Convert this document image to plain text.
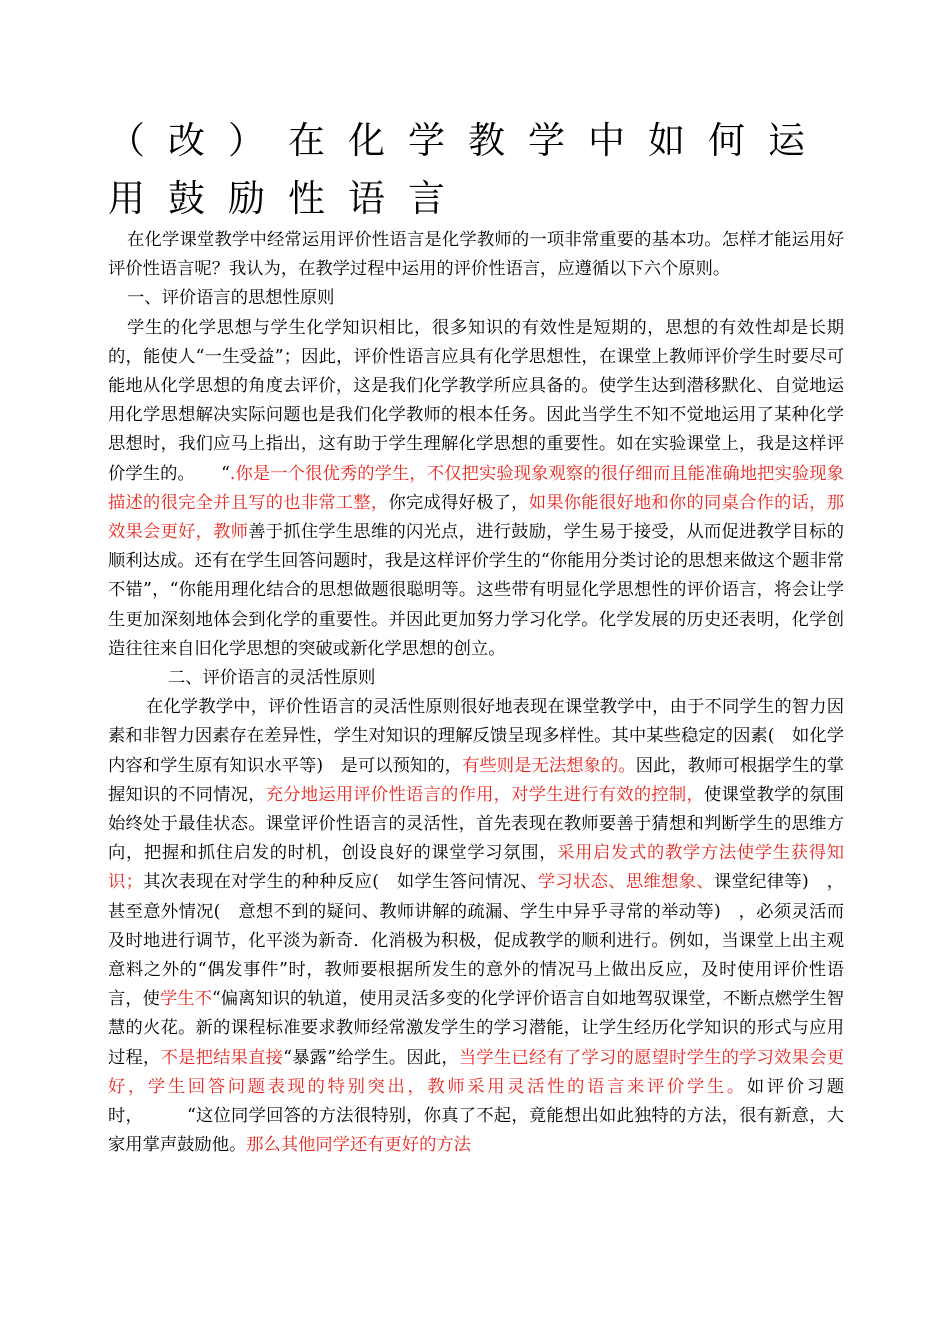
（改）在化学教学中如何运用鼓励性语言

在化学课堂教学中经常运用评价性语言是化学教师的一项非常重要的基本功。怎样才能运用好评价性语言呢？我认为，在教学过程中运用的评价性语言，应遵循以下六个原则。

一、评价语言的思想性原则

学生的化学思想与学生化学知识相比，很多知识的有效性是短期的，思想的有效性却是长期的，能使人“一生受益”；因此，评价性语言应具有化学思想性，在课堂上教师评价学生时要尽可能地从化学思想的角度去评价，这是我们化学教学所应具备的。使学生达到潜移默化、自觉地运用化学思想解决实际问题也是我们化学教师的根本任务。因此当学生不知不觉地运用了某种化学思想时，我们应马上指出，这有助于学生理解化学思想的重要性。如在实验课堂上，我是这样评价学生的。　　“.你是一个很优秀的学生，不仅把实验现象观察的很仔细而且能准确地把实验现象描述的很完全并且写的也非常工整，你完成得好极了，如果你能很好地和你的同桌合作的话，那效果会更好，教师善于抓住学生思维的闪光点，进行鼓励，学生易于接受，从而促进教学目标的顺利达成。还有在学生回答问题时，我是这样评价学生的“你能用分类讨论的思想来做这个题非常不错”，“你能用理化结合的思想做题很聪明等。这些带有明显化学思想性的评价语言，将会让学生更加深刻地体会到化学的重要性。并因此更加努力学习化学。化学发展的历史还表明，化学创造往往来自旧化学思想的突破或新化学思想的创立。

二、评价语言的灵活性原则

在化学教学中，评价性语言的灵活性原则很好地表现在课堂教学中，由于不同学生的智力因素和非智力因素存在差异性，学生对知识的理解反馈呈现多样性。其中某些稳定的因素(　如化学内容和学生原有知识水平等)　是可以预知的，有些则是无法想象的。因此，教师可根据学生的掌握知识的不同情况，充分地运用评价性语言的作用，对学生进行有效的控制，使课堂教学的氛围始终处于最佳状态。课堂评价性语言的灵活性，首先表现在教师要善于猜想和判断学生的思维方向，把握和抓住启发的时机，创设良好的课堂学习氛围，采用启发式的教学方法使学生获得知识；其次表现在对学生的种种反应(　如学生答问情况、学习状态、思维想象、课堂纪律等)　，甚至意外情况(　意想不到的疑问、教师讲解的疏漏、学生中异乎寻常的举动等)　，必须灵活而及时地进行调节，化平淡为新奇．化消极为积极，促成教学的顺利进行。例如，当课堂上出主观意料之外的“偶发事件”时，教师要根据所发生的意外的情况马上做出反应，及时使用评价性语言，使学生不“偏离知识的轨道，使用灵活多变的化学评价语言自如地驾驭课堂，不断点燃学生智慧的火花。新的课程标准要求教师经常激发学生的学习潜能，让学生经历化学知识的形式与应用过程，不是把结果直接“暴露”给学生。因此，当学生已经有了学习的愿望时学生的学习效果会更好，学生回答问题表现的特别突出，教师采用灵活性的语言来评价学生。如评价习题时，　　　“这位同学回答的方法很特别，你真了不起，竟能想出如此独特的方法，很有新意，大家用掌声鼓励他。那么其他同学还有更好的方法
